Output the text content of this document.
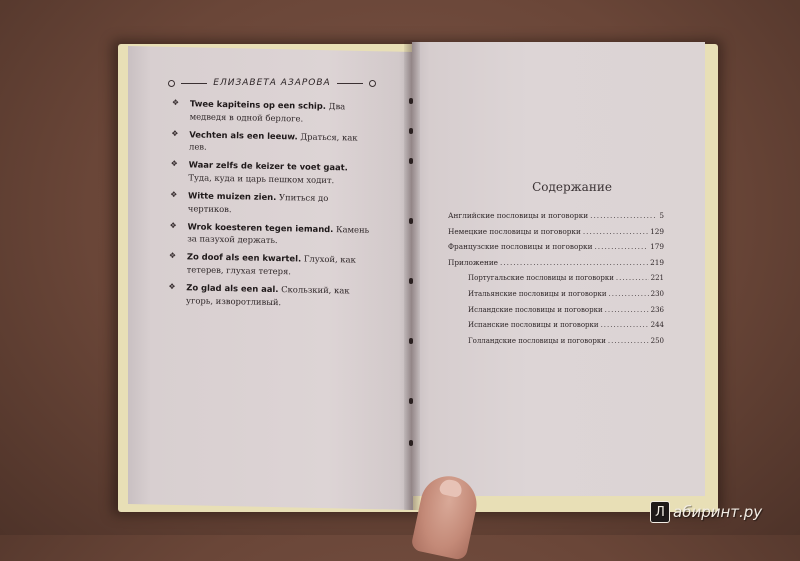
ЕЛИЗАВЕТА АЗАРОВА
❖ Twee kapiteins op een schip. Два медведя в одной берлоге.
❖ Vechten als een leeuw. Драться, как лев.
❖ Waar zelfs de keizer te voet gaat. Туда, куда и царь пешком ходит.
❖ Witte muizen zien. Упиться до чертиков.
❖ Wrok koesteren tegen iemand. Камень за пазухой держать.
❖ Zo doof als een kwartel. Глухой, как тетерев, глухая тетеря.
❖ Zo glad als een aal. Скользкий, как угорь, изворотливый.
Содержание
Английские пословицы и поговорки .....	5
Немецкие пословицы и поговорки .....	129
Французские пословицы и поговорки .....	179
Приложение .....	219
Португальские пословицы и поговорки .....	221
Итальянские пословицы и поговорки .....	230
Исландские пословицы и поговорки .....	236
Испанские пословицы и поговорки .....	244
Голландские пословицы и поговорки .....	250
Л абиринт.ру
